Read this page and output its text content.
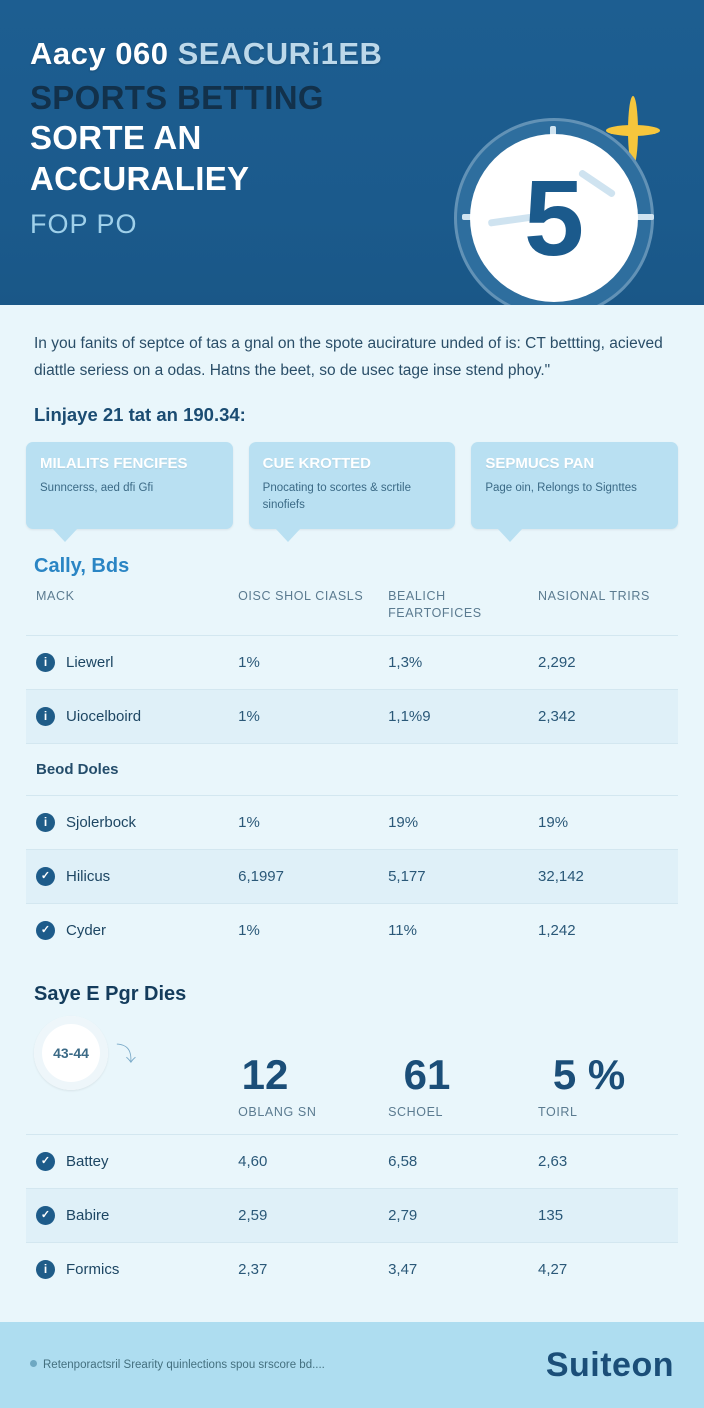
Aacy 060 SEACURi1EB
SPORTS BETTING
SORTE AN
ACCURALIEY
FOP PO	5
In you fanits of septce of tas a gnal on the spote aucirature unded of is: CT bettting, acieved diattle seriess on a odas. Hatns the beet, so de usec tage inse stend phoy."
Linjaye 21 tat an 190.34:
MILALITS FENCIFES
Sunncerss, aed dfi Gfi
CUE KROTTED
Pnocating to scortes & scrtile sinofiefs
SEPMUCS PAN
Page oin, Relongs to Signttes
Cally, Bds
MACK	OISC SHOL CIASLS	BEALICH FEARTOFICES	NASIONAL TRIRS

i Liewerl	1%	1,3%	2,292

i Uiocelboird	1%	1,1%9	2,342
Beod Doles			

i Sjolerbock	1%	19%	19%

✓ Hilicus	6,1997	5,177	32,142

✓ Cyder	1%	11%	1,242
Saye E Pgr Dies
43-44	⤵	12	61	5 %
	OBLANG SN	SCHOEL	TOIRL

✓ Battey	4,60	6,58	2,63

✓ Babire	2,59	2,79	135

i Formics	2,37	3,47	4,27
Retenporactsril Srearity quinlections spou srscore bd....	Suiteon
